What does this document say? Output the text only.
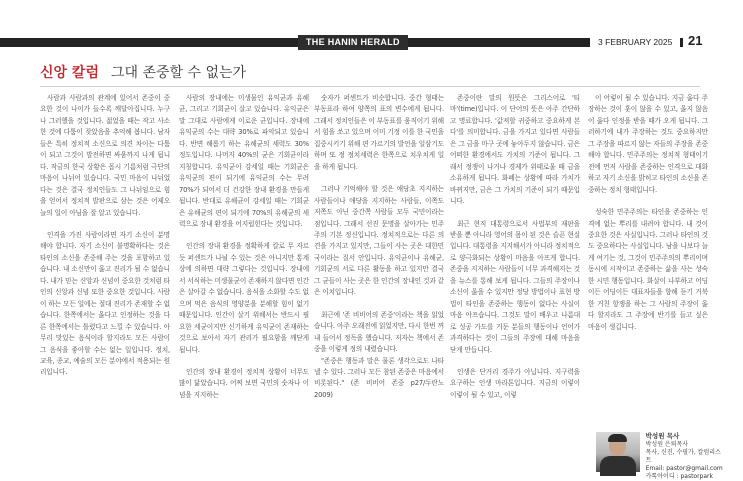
THE HANIN HERALD	3 FEBRUARY 2025	21
신앙 칼럼 그대 존중할 수 없는가

사람과 사람과의 관계에 있어서 존중이 중요한 것이 나이가 들수록 깨달아집니다. 누구나 그러했을 것입니다. 젊었을 때는 작고 사소한 것에 다툼이 잦았음을 추억해 봅니다. 남자들은 특히 정치적 소신으로 의견 차이는 다툼이 되고 그것이 발전하면 싸움까지 나게 됩니다. 작금의 한국 상황은 몹시 기름처럼 극단의 마음이 나뉘어 있습니다. 국민 마음이 나뉘었다는 것은 결국 정치인들도 그 나뉘임으로 힘을 얻어서 정치적 발판으로 삼는 것은 어제오늘의 일이 아님을 잘 알고 있습니다.

인격을 가진 사람이라면 자기 소신이 분명해야 합니다. 자기 소신이 불명확하다는 것은 타인의 소신을 존중해 주는 것을 포함하고 있습니다. 내 소신만이 옳고 진리가 될 수 없습니다. 내가 믿는 신앙과 신념이 중요한 것처럼 타인의 신앙과 신념 또한 중요한 것입니다. 사람이 하는 모든 일에는 절대 진리가 존재할 수 없습니다. 한쪽에서는 옳다고 인정하는 것을 다른 한쪽에서는 틀렸다고 느낄 수 있습니다. 아무리 맛있는 음식이라 할지라도 모든 사람이 그 음식을 좋아할 수는 없는 일입니다. 정치, 교육, 종교, 예술의 모든 분야에서 적용되는 원리입니다.

사람의 장내에는 미생물인 유익균과 유해균, 그리고 기회균이 살고 있습니다. 유익균은 말 그대로 사람에게 이로운 균입니다. 장내에 유익균의 수는 대략 30%로 파악되고 있습니다. 반면 해롭기 하는 유해균의 세력도 30% 정도입니다. 나머지 40%의 균은 기회균이라 지칭합니다. 유익균이 강세일 때는 기회균은 유익균의 편이 되기에 유익균의 수는 무려 70%가 되어서 더 건강한 장내 환경을 만들게 됩니다. 반대로 유해균이 강세일 때는 기회균은 유해균의 편이 되기에 70%의 유해균의 세력으로 장내 환경을 어지럽힌다는 것입니다.

인간의 장내 환경을 정확하게 칼로 무 자르듯 퍼센트가 나뉠 수 있는 것은 아니지만 통계상에 의하면 대략 그렇다는 것입니다. 장내에서 서식하는 미생물균이 존재하지 않다면 인간은 살아갈 수 없습니다. 음식을 소화할 수도 없으며 먹은 음식의 영양분을 분해할 힘이 없기 때문입니다. 인간이 살기 위해서는 반드시 필요한 세균이지만 신기하게 유익균이 존재하는 것으로 보아서 자기 관리가 필요함을 깨닫게 됩니다.

인간의 장내 환경이 정치적 상황이 너무도 많이 닮았습니다. 어찌 보면 국민의 숫자나 이념을 지지하는

숫자가 퍼센트가 비슷합니다. 중간 형태는 부동표라 하여 양쪽의 표의 변수에게 됩니다. 그래서 정치인들은 이 부동표를 움직이기 위해서 힘을 쏘고 있으며 이미 기정 이를 한 국민을 집중시키기 위해 편 가르기의 발언을 일삼기도 하며 또 정 정치세력은 한쪽으로 치우치게 일을 하게 됩니다.

그러나 기억해야 할 것은 애당초 지지하는 사람들이나 애당을 지지하는 사람들, 이쪽도 저쪽도 아닌 중간쪽 사람들 모두 국민이라는 점입니다. 그래서 선진 문명을 살아가는 민주주의 기본 정신입니다. 정치적으로는 다른 의견을 가지고 있지만, 그들이 사는 곳은 대한민국이라는 질서 안입니다. 유익균이나 유해균, 기회균의 서로 다른 활동을 하고 있지만 결국 그 균들이 사는 곳은 한 인간의 장내인 것과 같은 이치입니다.

최근에 '존 비비어의 존중'이라는 책을 읽었습니다. 아주 오래전에 읽었지만, 다시 한번 꺼내 들어서 정독을 했습니다. 저자는 책에서 존중을 이렇게 정의 내렸습니다.

"존중은 행동과 말은 물론 생각으로도 나타낼 수 있다. 그러나 모든 참된 존중은 마음에서 비롯된다." (존 비비어 존중 p27/두란노 2009)

존중이란 말의 원뜻은 그리스어로 '티마'(time)입니다. 이 단어의 뜻은 아주 간단하고 명료합니다. '값져할 귀중하고 중요하게 본다'를 의미합니다. 금을 가지고 있다면 사람들은 그 금을 마구 곳에 놓아두지 않습니다. 금은 어떠한 환경에서도 가치의 기준이 됩니다. 그래서 정쟁이 나거나 경제가 위태로울 때 금을 소유하게 됩니다. 화폐는 상황에 따라 가치가 바뀌지만, 금은 그 가치의 기준이 되기 때문입니다.

최근 현직 대통령으로서 사법부의 재판을 받을 뿐 아니라 영어의 몸이 된 것은 슬픈 현실입니다. 대통령을 지지해서가 아니라 정치적으로 양극화되는 상황이 마음을 아프게 합니다. 존중을 지지하는 사람들이 너무 과격해지는 것을 뉴스를 통해 보게 됩니다. 그들의 주장이나 소신이 옳을 수 있지만 정당 방법이나 표현 방법이 타인을 존중하는 행동이 없다는 사실이 마음 아프습니다. 그것도 말이 배우고 나름대로 성공 가도를 거둔 분들의 행동이나 언어가 과격하다는 것이 그들의 주장에 대해 마음을 닫게 만듭니다.

인생은 단거리 경주가 아닙니다. 지구력을 요구하는 인생 마라톤입니다. 지금의 이렇이 이렇이 될 수 있고, 이렇

이 어렇이 될 수 있습니다. 지금 옳다 주장하는 것이 훗이 않을 수 있고, 옳지 않음이 옳다 인정을 받을 때가 오게 됩니다. 그러하기에 내가 주장하는 것도 중요하지만 그 주장을 따르지 않는 자들의 주장을 존중해야 합니다. 민주주의는 정치적 형태이기 전에 먼저 사람을 존중하는 인격으로 대화하고 자기 소신을 밝히고 타인의 소신을 존중하는 정치 형태입니다.

성숙한 민주주의는 타인을 존중하는 인격에 없는 뿌리를 내려야 합니다. 내 것이 중요한 것은 사실입니다. 그러나 타인의 것도 중요하다는 사실입니다. 남을 나보다 늘게 여기는 것, 그것이 민주주의의 뿌리이며 동시에 시작이고 존중하는 삶을 사는 성숙한 시민 행동입니다. 화살이 나부하고 어딩이든 어딩이든 대표자들을 향해 듣기 거북한 거친 항쟁을 하는 그 사람의 주장이 옳다 할지라도 그 주장에 반기를 들고 싶은 마음이 생깁니다.

박성원 목사
박성원 은퇴목사
목사, 신진, 수필가, 칼럼리스트
Email: pastor@gmail.com
카톡아이디 : pastorpark
